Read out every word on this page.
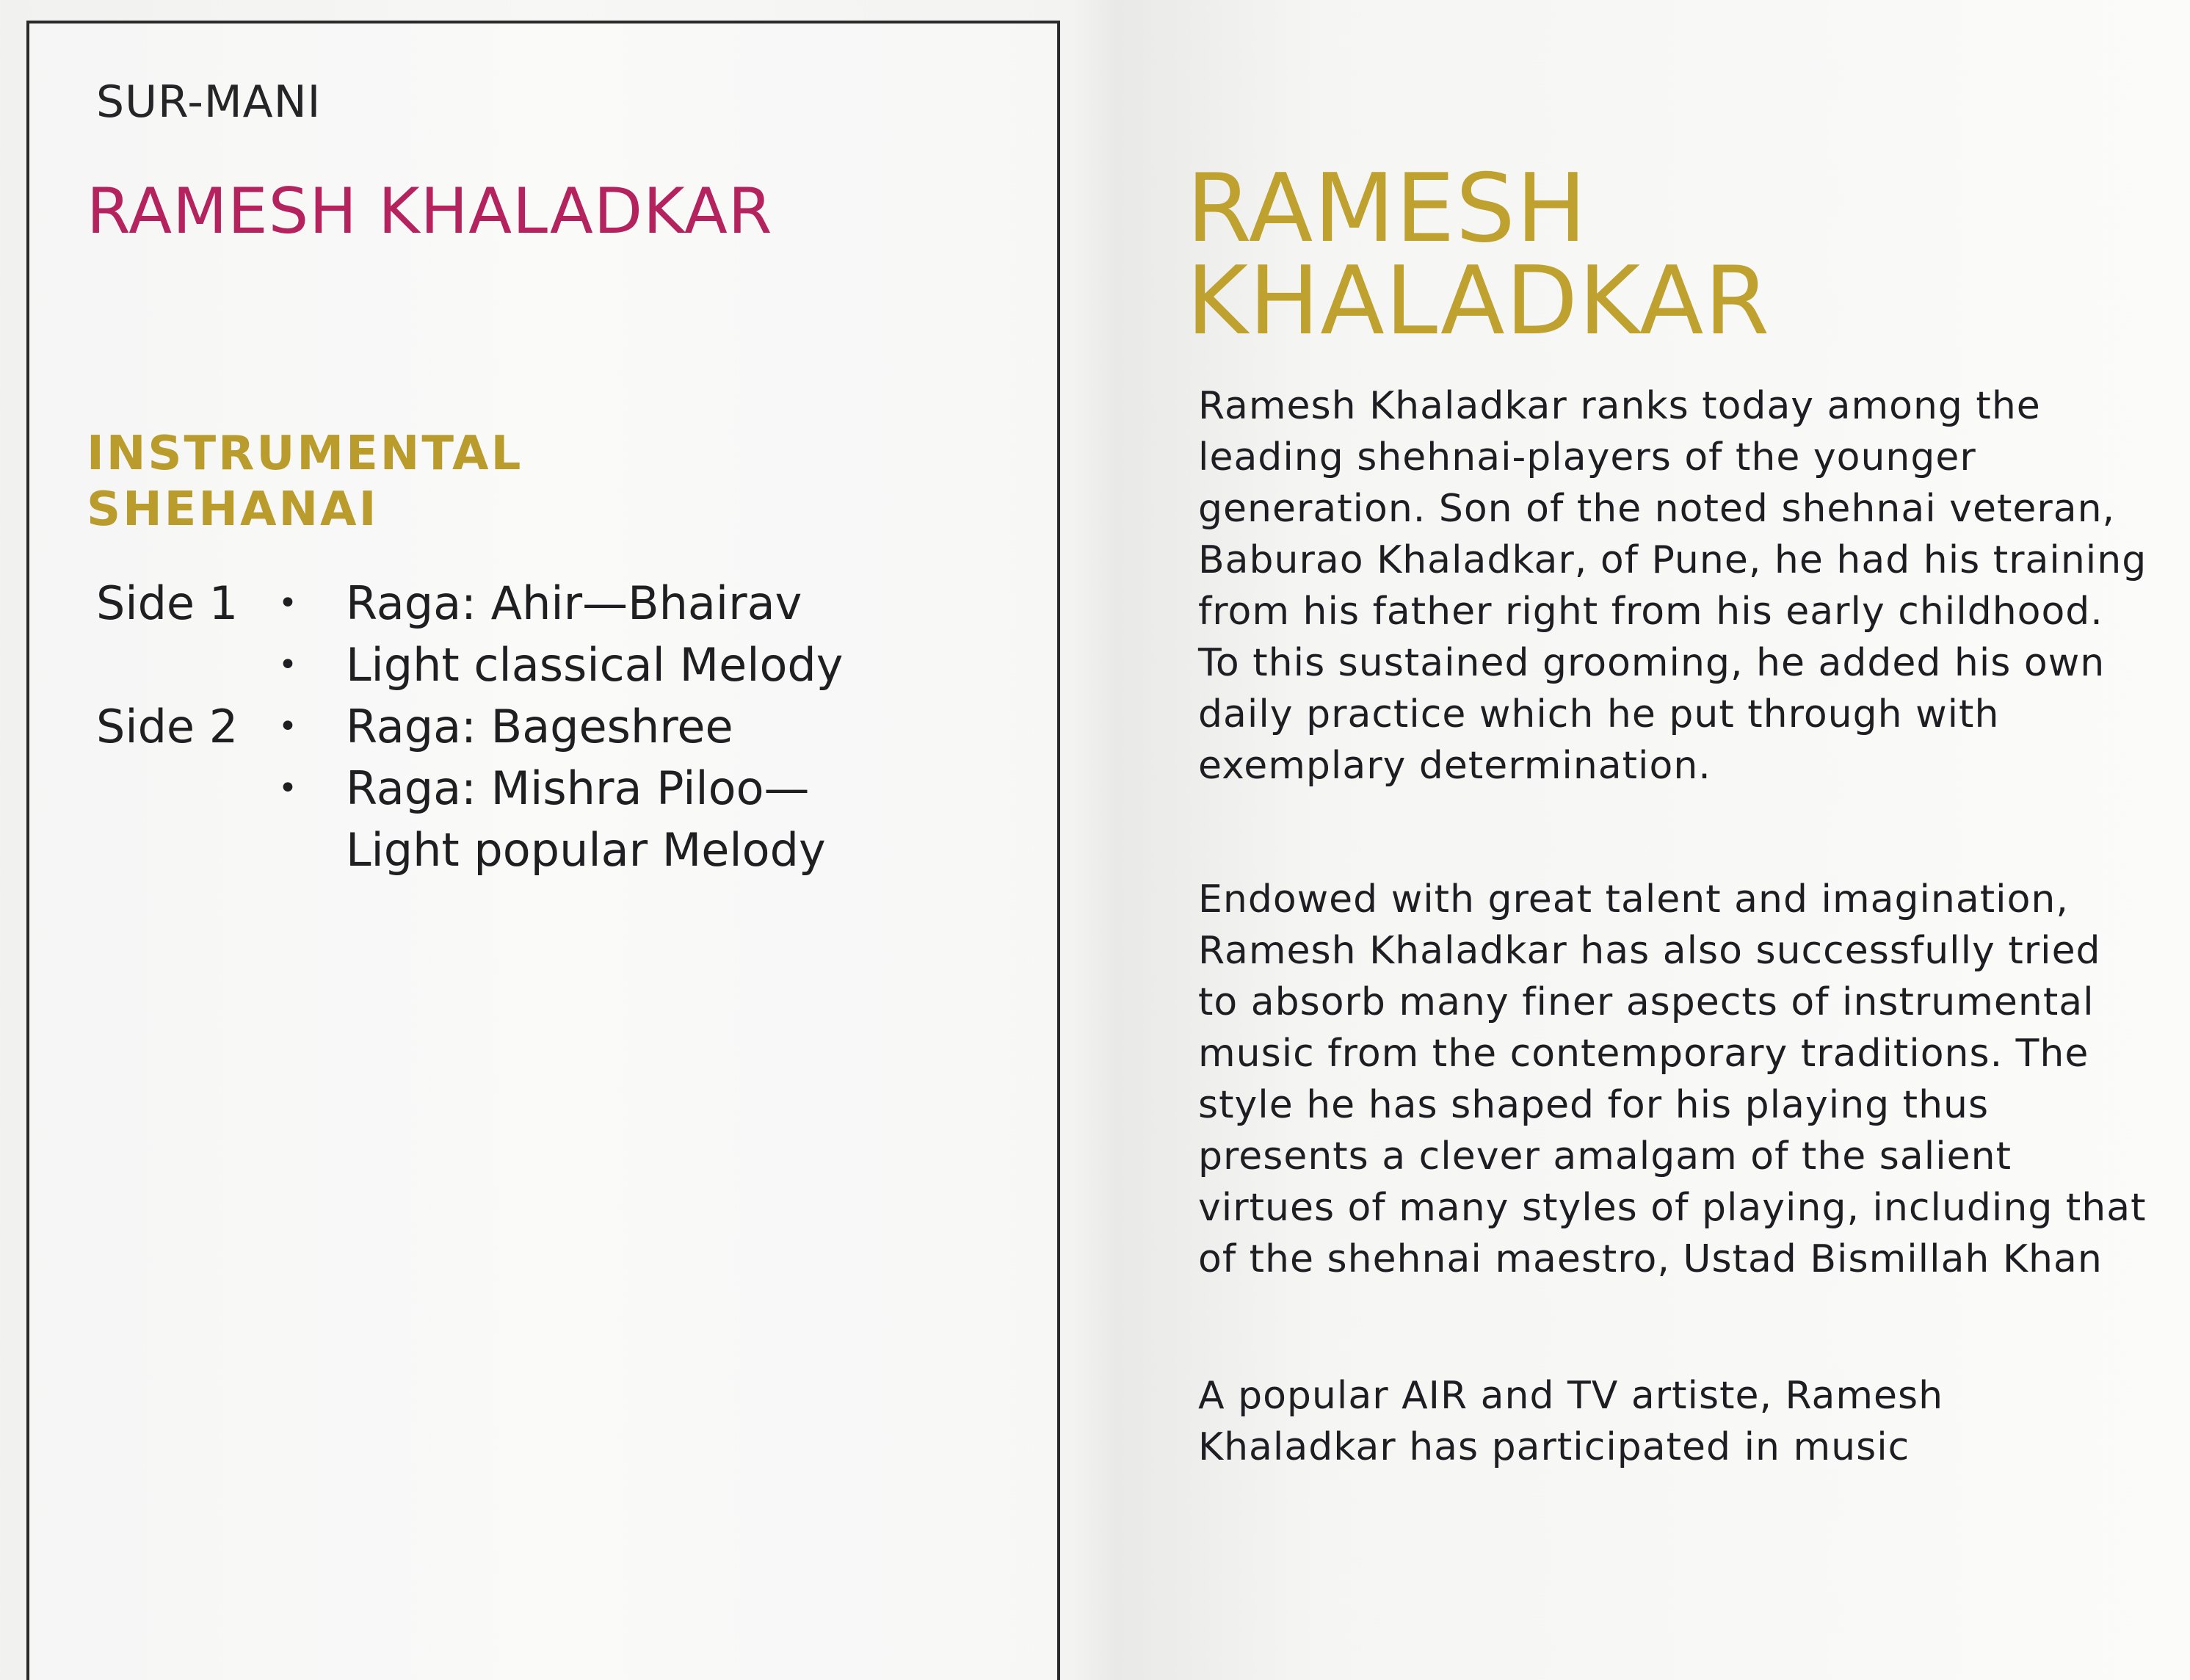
SUR-MANI
RAMESH KHALADKAR
INSTRUMENTAL
SHEHANAI
Side 1	• Raga: Ahir—Bhairav
• Light classical Melody
Side 2	• Raga: Bageshree
• Raga: Mishra Piloo—
Light popular Melody
RAMESH
KHALADKAR

Ramesh Khaladkar ranks today among the leading shehnai-players of the younger generation. Son of the noted shehnai veteran, Baburao Khaladkar, of Pune, he had his training from his father right from his early childhood. To this sustained grooming, he added his own daily practice which he put through with exemplary determination.

Endowed with great talent and imagination, Ramesh Khaladkar has also successfully tried to absorb many finer aspects of instrumental music from the contemporary traditions. The style he has shaped for his playing thus presents a clever amalgam of the salient virtues of many styles of playing, including that of the shehnai maestro, Ustad Bismillah Khan

A popular AIR and TV artiste, Ramesh Khaladkar has participated in music
